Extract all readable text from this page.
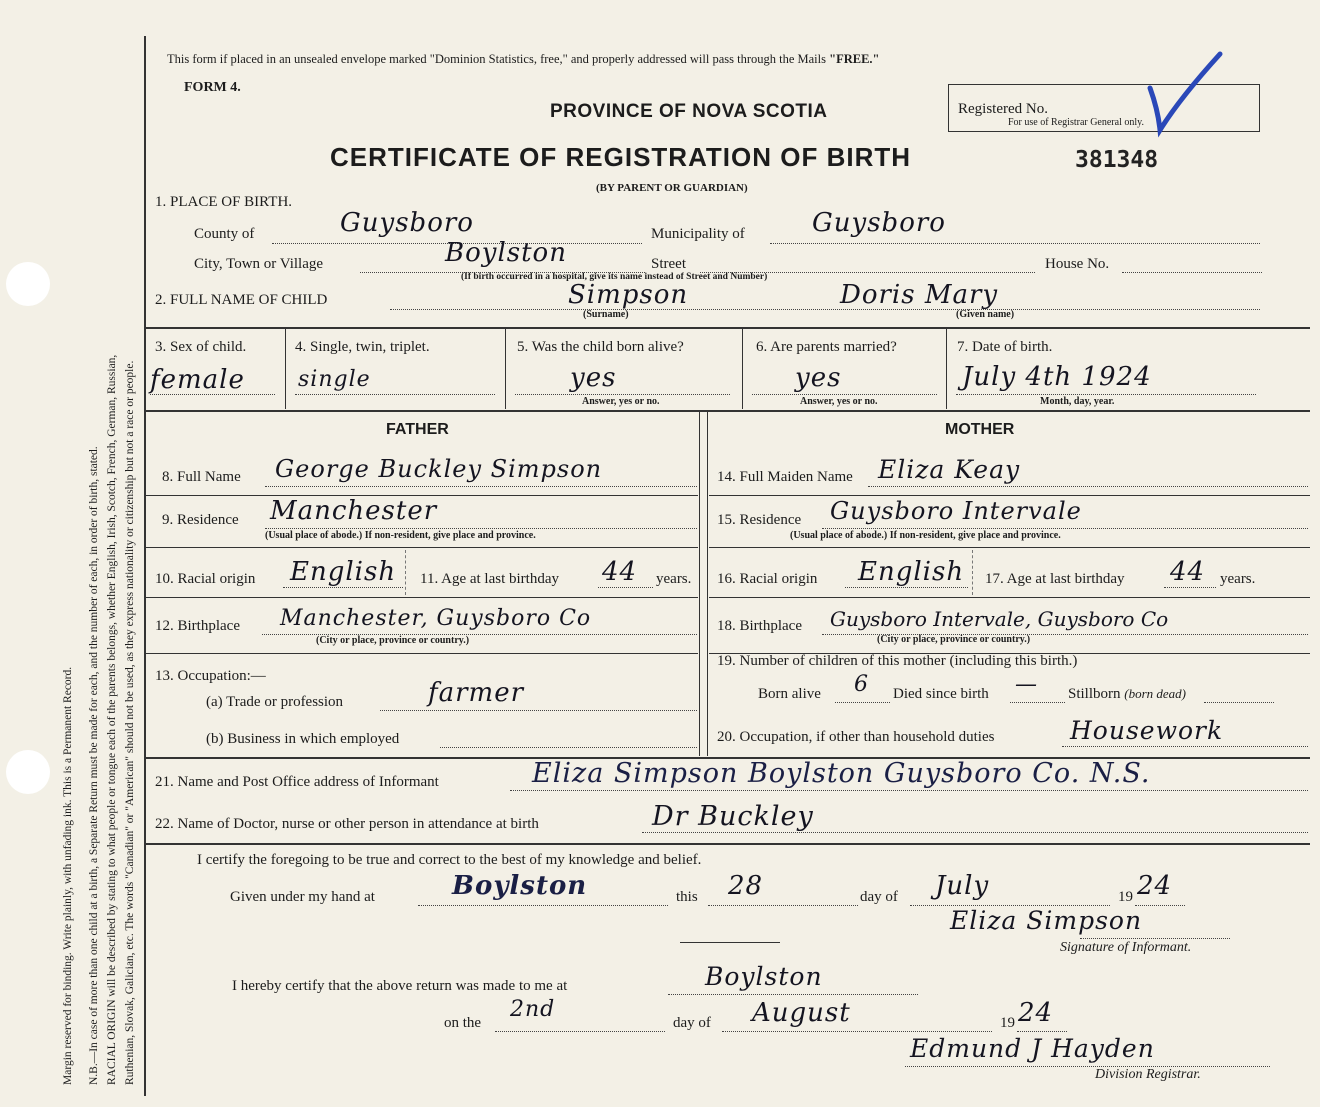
Margin reserved for binding. Write plainly, with unfading ink. This is a Permanent Record. N.B.—In case of more than one child at a birth, a Separate Return must be made for each, and the number of each, in order of birth, stated. RACIAL ORIGIN will be described by stating to what people or tongue each of the parents belongs, whether English, Irish, Scotch, French, German, Russian, Ruthenian, Slovak, Galician, etc. The words "Canadian" or "American" should not be used, as they express nationality or citizenship but not a race or people.
This form if placed in an unsealed envelope marked "Dominion Statistics, free," and properly addressed will pass through the Mails "FREE."
FORM 4.
PROVINCE OF NOVA SCOTIA	Registered No.
For use of Registrar General only.
CERTIFICATE OF REGISTRATION OF BIRTH	381348
(BY PARENT OR GUARDIAN)
1. PLACE OF BIRTH.
County of	Guysboro	Municipality of	Guysboro
City, Town or Village	Boylston	Street	House No.
(If birth occurred in a hospital, give its name instead of Street and Number)
2. FULL NAME OF CHILD	Simpson
(Surname)
Doris Mary
(Given name)
3. Sex of child.
female
4. Single, twin, triplet.
single
5. Was the child born alive?
yes
Answer, yes or no.
6. Are parents married?
yes
Answer, yes or no.
7. Date of birth.
July 4th 1924
Month, day, year.
FATHER
8. Full Name George Buckley Simpson
9. Residence Manchester
(Usual place of abode.) If non-resident, give place and province.
10. Racial origin English 11. Age at last birthday 44 years.
12. Birthplace Manchester, Guysboro Co
(City or place, province or country.)
13. Occupation:—
(a) Trade or profession	farmer
(b) Business in which employed
MOTHER
14. Full Maiden Name Eliza Keay
15. Residence Guysboro Intervale
(Usual place of abode.) If non-resident, give place and province.
16. Racial origin English 17. Age at last birthday 44 years.
18. Birthplace Guysboro Intervale, Guysboro Co
(City or place, province or country.)
19. Number of children of this mother (including this birth.)
Born alive 6 Died since birth — Stillborn (born dead)
20. Occupation, if other than household duties	Housework
21. Name and Post Office address of Informant	Eliza Simpson Boylston Guysboro Co. N.S.
22. Name of Doctor, nurse or other person in attendance at birth	Dr Buckley
I certify the foregoing to be true and correct to the best of my knowledge and belief.
Given under my hand at	Boylston	this 28	day of July	19 24
Eliza Simpson
Signature of Informant.
I hereby certify that the above return was made to me at	Boylston
on the
2nd
day of August	19 24
Edmund J Hayden
Division Registrar.
